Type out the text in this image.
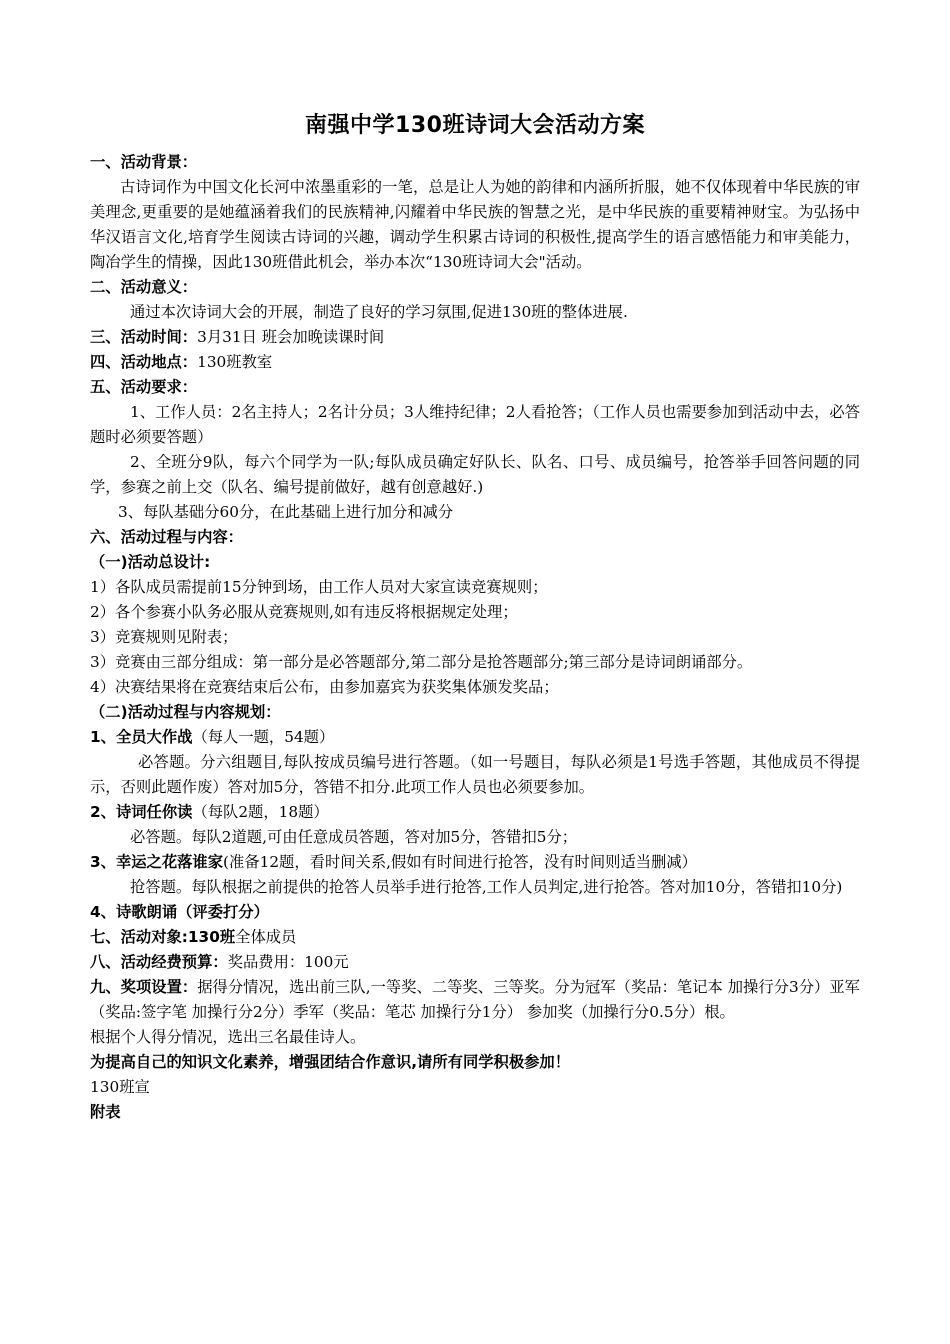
南强中学130班诗词大会活动方案

一、活动背景：

古诗词作为中国文化长河中浓墨重彩的一笔，总是让人为她的韵律和内涵所折服，她不仅体现着中华民族的审美理念,更重要的是她蕴涵着我们的民族精神,闪耀着中华民族的智慧之光，是中华民族的重要精神财宝。为弘扬中华汉语言文化,培育学生阅读古诗词的兴趣，调动学生积累古诗词的积极性,提高学生的语言感悟能力和审美能力，陶冶学生的情操，因此130班借此机会，举办本次“130班诗词大会"活动。

二、活动意义：

通过本次诗词大会的开展，制造了良好的学习氛围,促进130班的整体进展.

三、活动时间：3月31日 班会加晚读课时间

四、活动地点：130班教室

五、活动要求：

1、工作人员：2名主持人；2名计分员；3人维持纪律；2人看抢答；（工作人员也需要参加到活动中去，必答题时必须要答题）

2、全班分9队，每六个同学为一队;每队成员确定好队长、队名、口号、成员编号，抢答举手回答问题的同学，参赛之前上交（队名、编号提前做好，越有创意越好.)

3、每队基础分60分，在此基础上进行加分和减分

六、活动过程与内容：

（一)活动总设计:

1）各队成员需提前15分钟到场，由工作人员对大家宣读竞赛规则；

2）各个参赛小队务必服从竞赛规则,如有违反将根据规定处理；

3）竞赛规则见附表；

3）竞赛由三部分组成：第一部分是必答题部分,第二部分是抢答题部分;第三部分是诗词朗诵部分。

4）决赛结果将在竞赛结束后公布，由参加嘉宾为获奖集体颁发奖品；

（二)活动过程与内容规划：

1、全员大作战（每人一题，54题）

必答题。分六组题目,每队按成员编号进行答题。（如一号题目，每队必须是1号选手答题，其他成员不得提示，否则此题作废）答对加5分，答错不扣分.此项工作人员也必须要参加。

2、诗词任你读（每队2题，18题）

必答题。每队2道题,可由任意成员答题，答对加5分，答错扣5分；

3、幸运之花落谁家(准备12题，看时间关系,假如有时间进行抢答，没有时间则适当删减）

抢答题。每队根据之前提供的抢答人员举手进行抢答,工作人员判定,进行抢答。答对加10分，答错扣10分)

4、诗歌朗诵（评委打分）

七、活动对象:130班全体成员

八、活动经费预算：奖品费用：100元

九、奖项设置：据得分情况，选出前三队,一等奖、二等奖、三等奖。分为冠军（奖品：笔记本 加操行分3分）亚军（奖品:签字笔 加操行分2分）季军（奖品：笔芯 加操行分1分） 参加奖（加操行分0.5分）根。

根据个人得分情况，选出三名最佳诗人。

为提高自己的知识文化素养，增强团结合作意识,请所有同学积极参加！

130班宣

附表
